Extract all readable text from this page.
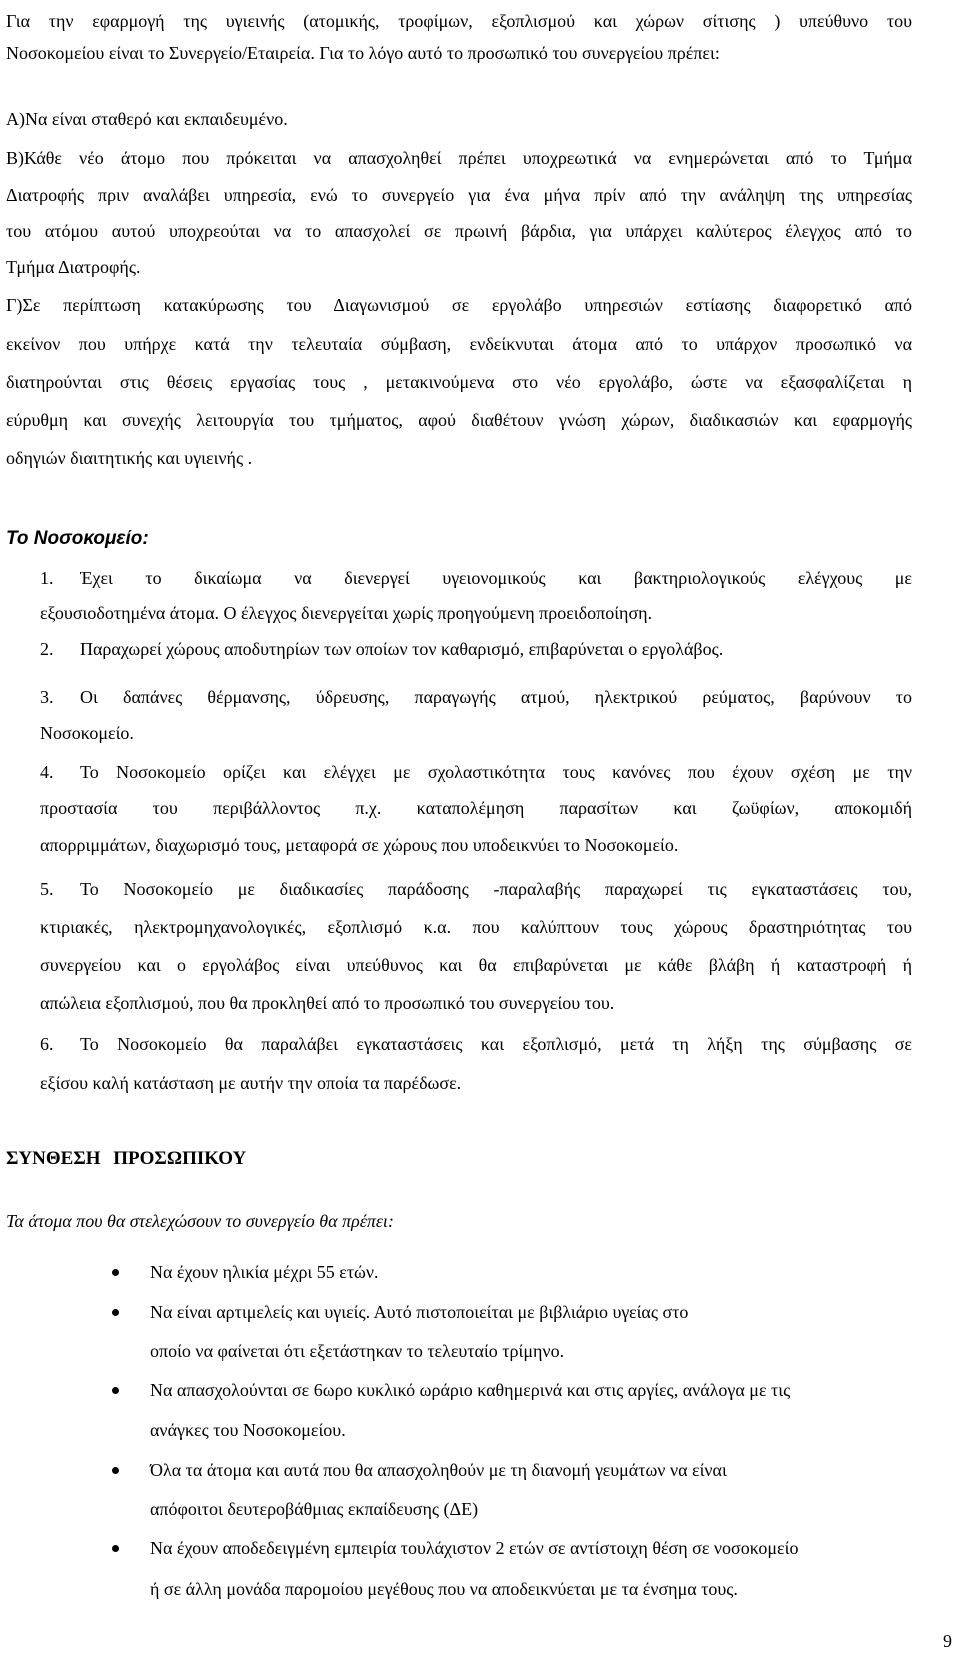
Για την εφαρμογή της υγιεινής (ατομικής, τροφίμων, εξοπλισμού και χώρων σίτισης ) υπεύθυνο του
Νοσοκομείου είναι το Συνεργείο/Εταιρεία. Για το λόγο αυτό το προσωπικό του συνεργείου πρέπει:
Α)Να είναι σταθερό και εκπαιδευμένο.
Β)Κάθε νέο άτομο που πρόκειται να απασχοληθεί πρέπει υποχρεωτικά να ενημερώνεται από το Τμήμα
Διατροφής πριν αναλάβει υπηρεσία, ενώ το συνεργείο για ένα μήνα πρίν από την ανάληψη της υπηρεσίας
του ατόμου αυτού υποχρεούται να το απασχολεί σε πρωινή βάρδια, για υπάρχει καλύτερος έλεγχος από το
Τμήμα Διατροφής.
Γ)Σε περίπτωση κατακύρωσης του Διαγωνισμού σε εργολάβο υπηρεσιών εστίασης διαφορετικό από
εκείνον που υπήρχε κατά την τελευταία σύμβαση, ενδείκνυται άτομα από το υπάρχον προσωπικό να
διατηρούνται στις θέσεις εργασίας τους , μετακινούμενα στο νέο εργολάβο, ώστε να εξασφαλίζεται η
εύρυθμη και συνεχής λειτουργία του τμήματος, αφού διαθέτουν γνώση χώρων, διαδικασιών και εφαρμογής
οδηγιών διαιτητικής και υγιεινής .
Το Νοσοκομείο:
1. Έχει το δικαίωμα να διενεργεί υγειονομικούς και βακτηριολογικούς ελέγχους με
εξουσιοδοτημένα άτομα. Ο έλεγχος διενεργείται χωρίς προηγούμενη προειδοποίηση.
2. Παραχωρεί χώρους αποδυτηρίων των οποίων τον καθαρισμό, επιβαρύνεται ο εργολάβος.
3. Οι δαπάνες θέρμανσης, ύδρευσης, παραγωγής ατμού, ηλεκτρικού ρεύματος, βαρύνουν το
Νοσοκομείο.
4. Το Νοσοκομείο ορίζει και ελέγχει με σχολαστικότητα τους κανόνες που έχουν σχέση με την
προστασία του περιβάλλοντος π.χ. καταπολέμηση παρασίτων και ζωϋφίων, αποκομιδή
απορριμμάτων, διαχωρισμό τους, μεταφορά σε χώρους που υποδεικνύει το Νοσοκομείο.
5. Το Νοσοκομείο με διαδικασίες παράδοσης -παραλαβής παραχωρεί τις εγκαταστάσεις του,
κτιριακές, ηλεκτρομηχανολογικές, εξοπλισμό κ.α. που καλύπτουν τους χώρους δραστηριότητας του
συνεργείου και ο εργολάβος είναι υπεύθυνος και θα επιβαρύνεται με κάθε βλάβη ή καταστροφή ή
απώλεια εξοπλισμού, που θα προκληθεί από το προσωπικό του συνεργείου του.
6. Το Νοσοκομείο θα παραλάβει εγκαταστάσεις και εξοπλισμό, μετά τη λήξη της σύμβασης σε
εξίσου καλή κατάσταση με αυτήν την οποία τα παρέδωσε.
ΣΥΝΘΕΣΗ ΠΡΟΣΩΠΙΚΟΥ
Τα άτομα που θα στελεχώσουν το συνεργείο θα πρέπει:
Να έχουν ηλικία μέχρι 55 ετών.
Να είναι αρτιμελείς και υγιείς. Αυτό πιστοποιείται με βιβλιάριο υγείας στο
οποίο να φαίνεται ότι εξετάστηκαν το τελευταίο τρίμηνο.
Να απασχολούνται σε 6ωρο κυκλικό ωράριο καθημερινά και στις αργίες, ανάλογα με τις
ανάγκες του Νοσοκομείου.
Όλα τα άτομα και αυτά που θα απασχοληθούν με τη διανομή γευμάτων να είναι
απόφοιτοι δευτεροβάθμιας εκπαίδευσης (ΔΕ)
Να έχουν αποδεδειγμένη εμπειρία τουλάχιστον 2 ετών σε αντίστοιχη θέση σε νοσοκομείο
ή σε άλλη μονάδα παρομοίου μεγέθους που να αποδεικνύεται με τα ένσημα τους.
9
